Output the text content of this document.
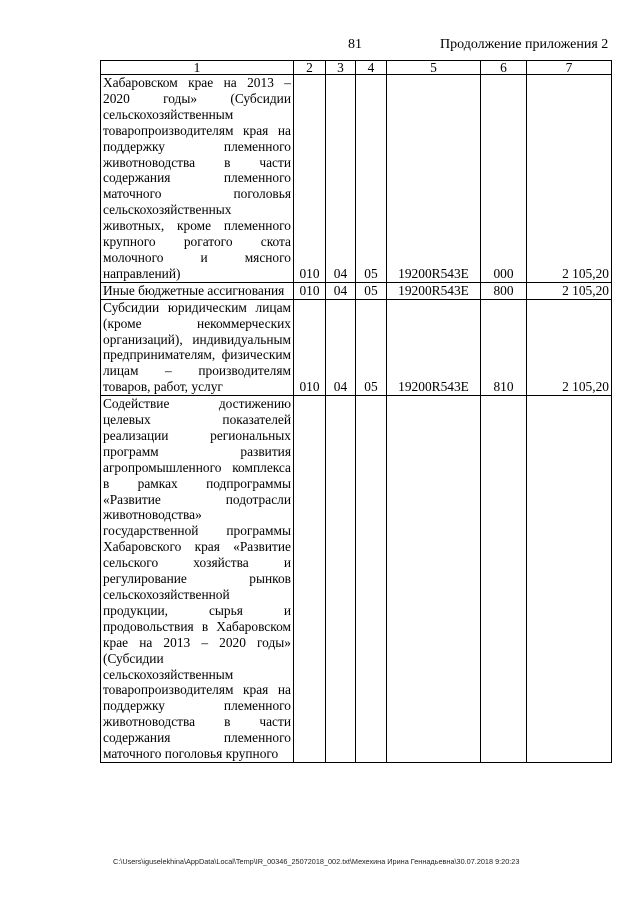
81	Продолжение приложения 2
1	2	3	4	5	6	7
Хабаровском крае на 2013 – 2020 годы» (Субсидии сельскохозяйственным товаропроизводителям края на поддержку племенного животноводства в части содержания племенного маточного поголовья сельскохозяйственных животных, кроме племенного крупного рогатого скота молочного и мясного направлений)	010	04	05	19200R543E	000	2 105,20
Иные бюджетные ассигнования	010	04	05	19200R543E	800	2 105,20
Субсидии юридическим лицам (кроме некоммерческих организаций), индивидуальным предпринимателям, физическим лицам – производителям товаров, работ, услуг	010	04	05	19200R543E	810	2 105,20
Содействие достижению целевых показателей реализации региональных программ развития агропромышленного комплекса в рамках подпрограммы «Развитие подотрасли животноводства» государственной программы Хабаровского края «Развитие сельского хозяйства и регулирование рынков сельскохозяйственной продукции, сырья и продовольствия в Хабаровском крае на 2013 – 2020 годы» (Субсидии сельскохозяйственным товаропроизводителям края на поддержку племенного животноводства в части содержания племенного маточного поголовья крупного						
C:\Users\iguselekhina\AppData\Local\Temp\IR_00346_25072018_002.txt\Мехехина Ирина Геннадьевна\30.07.2018 9:20:23
